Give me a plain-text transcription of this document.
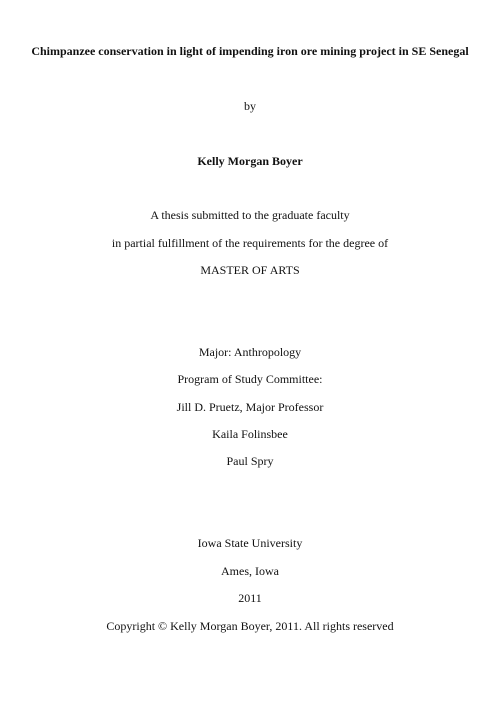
Chimpanzee conservation in light of impending iron ore mining project in SE Senegal
by
Kelly Morgan Boyer
A thesis submitted to the graduate faculty
in partial fulfillment of the requirements for the degree of
MASTER OF ARTS
Major: Anthropology
Program of Study Committee:
Jill D. Pruetz, Major Professor
Kaila Folinsbee
Paul Spry
Iowa State University
Ames, Iowa
2011
Copyright © Kelly Morgan Boyer, 2011. All rights reserved
